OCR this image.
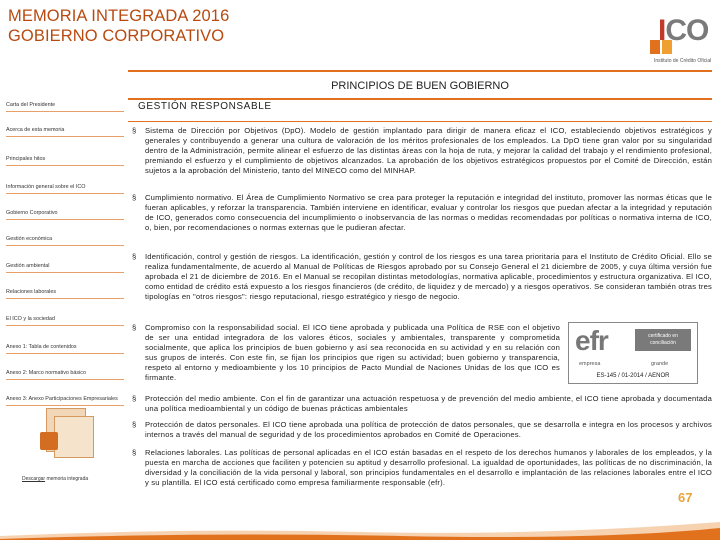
MEMORIA INTEGRADA 2016
GOBIERNO CORPORATIVO	ICO
Instituto de Crédito Oficial
PRINCIPIOS DE BUEN GOBIERNO
Carta del Presidente
Acerca de esta memoria
Principales hitos
Información general sobre el ICO
Gobierno Corporativo
Gestión económica
Gestión ambiental
Relaciones laborales
El ICO y la sociedad
Anexo 1: Tabla de contenidos
Anexo 2: Marco normativo básico
Anexo 3: Anexo Participaciones Empresariales
Descargar memoria integrada
GESTIÓN RESPONSABLE
§ Sistema de Dirección por Objetivos (DpO). Modelo de gestión implantado para dirigir de manera eficaz el ICO, estableciendo objetivos estratégicos y generales y contribuyendo a generar una cultura de valoración de los méritos profesionales de los empleados. La DpO tiene gran valor por su singularidad dentro de la Administración, permite alinear el esfuerzo de las distintas áreas con la hoja de ruta, y mejorar la calidad del trabajo y el rendimiento profesional, premiando el esfuerzo y el cumplimiento de objetivos alcanzados. La aprobación de los objetivos estratégicos propuestos por el Comité de Dirección, están sujetos a la aprobación del Ministerio, tanto del MINECO como del MINHAP.
§ Cumplimiento normativo. El Área de Cumplimiento Normativo se crea para proteger la reputación e integridad del instituto, promover las normas éticas que le fueran aplicables, y reforzar la transparencia. También interviene en identificar, evaluar y controlar los riesgos que puedan afectar a la integridad y reputación de ICO, generados como consecuencia del incumplimiento o inobservancia de las normas o medidas recomendadas por políticas o normativa interna de ICO, o, bien, por recomendaciones o normas externas que le pudieran afectar.
§ Identificación, control y gestión de riesgos. La identificación, gestión y control de los riesgos es una tarea prioritaria para el Instituto de Crédito Oficial. Ello se realiza fundamentalmente, de acuerdo al Manual de Políticas de Riesgos aprobado por su Consejo General el 21 diciembre de 2005, y cuya última versión fue aprobada el 21 de diciembre de 2016. En el Manual se recopilan distintas metodologías, normativa aplicable, procedimientos y estructura organizativa. El ICO, como entidad de crédito está expuesto a los riesgos financieros (de crédito, de liquidez y de mercado) y a riesgos operativos. Se consideran también otras tres tipologías en "otros riesgos": riesgo reputacional, riesgo estratégico y riesgo de negocio.
§ Compromiso con la responsabilidad social. El ICO tiene aprobada y publicada una Política de RSE con el objetivo de ser una entidad integradora de los valores éticos, sociales y ambientales, transparente y comprometida socialmente, que aplica los principios de buen gobierno y así sea reconocida en su actividad y en su relación con sus grupos de interés. Con este fin, se fijan los principios que rigen su actividad; buen gobierno y transparencia, respeto al entorno y medioambiente y los 10 principios de Pacto Mundial de Naciones Unidas de los que ICO es firmante.
efr	certificado en conciliación
empresa	grande
ES-145 / 01-2014 / AENOR
§ Protección del medio ambiente. Con el fin de garantizar una actuación respetuosa y de prevención del medio ambiente, el ICO tiene aprobada y documentada una política medioambiental y un código de buenas prácticas ambientales
§ Protección de datos personales. El ICO tiene aprobada una política de protección de datos personales, que se desarrolla e integra en los procesos y archivos internos a través del manual de seguridad y de los procedimientos aprobados en Comité de Operaciones.
§ Relaciones laborales. Las políticas de personal aplicadas en el ICO están basadas en el respeto de los derechos humanos y laborales de los empleados, y la puesta en marcha de acciones que faciliten y potencien su aptitud y desarrollo profesional. La igualdad de oportunidades, las políticas de no discriminación, la diversidad y la conciliación de la vida personal y laboral, son principios fundamentales en el desarrollo e implantación de las relaciones laborales entre el ICO y su plantilla. El ICO está certificado como empresa familiarmente responsable (efr).
67
